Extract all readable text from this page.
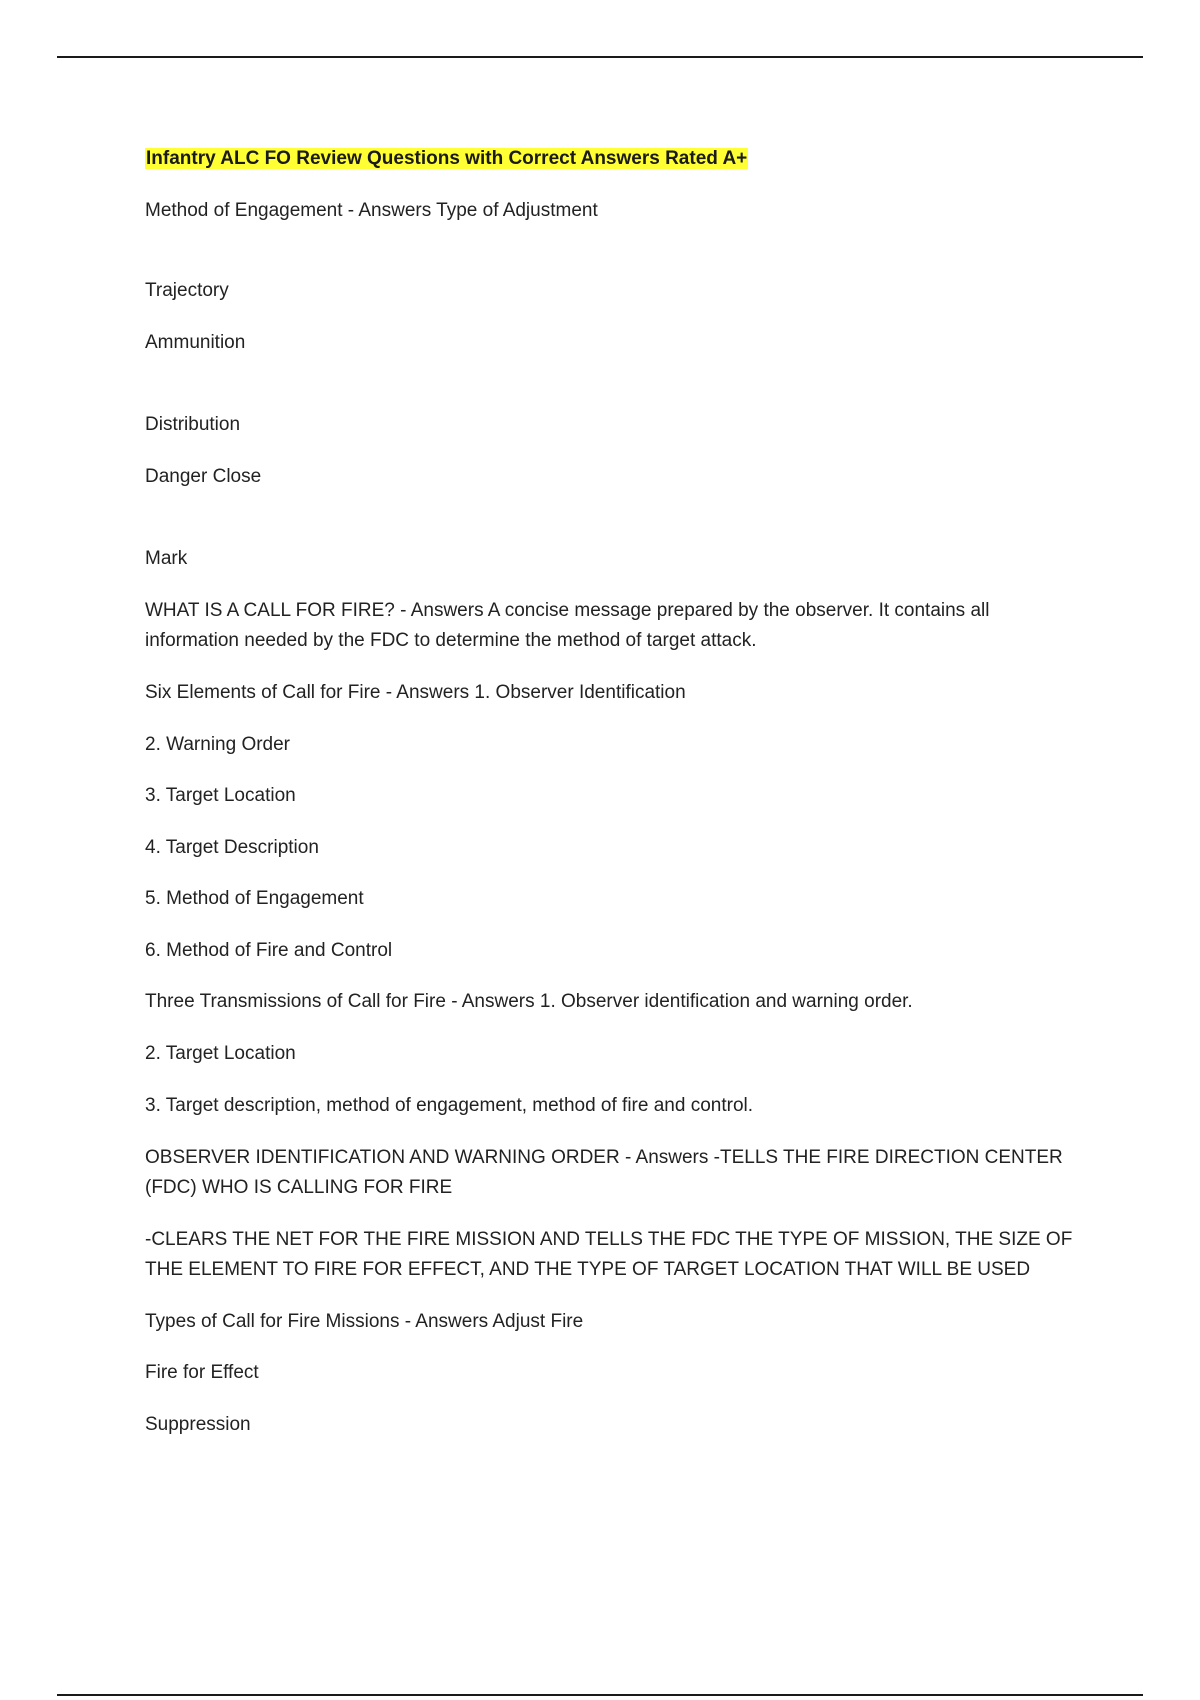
Infantry ALC FO Review Questions with Correct Answers Rated A+

Method of Engagement - Answers Type of Adjustment

Trajectory

Ammunition

Distribution

Danger Close

Mark

WHAT IS A CALL FOR FIRE? - Answers A concise message prepared by the observer. It contains all information needed by the FDC to determine the method of target attack.

Six Elements of Call for Fire - Answers 1. Observer Identification

2. Warning Order

3. Target Location

4. Target Description

5. Method of Engagement

6. Method of Fire and Control

Three Transmissions of Call for Fire - Answers 1. Observer identification and warning order.

2. Target Location

3. Target description, method of engagement, method of fire and control.

OBSERVER IDENTIFICATION AND WARNING ORDER - Answers -TELLS THE FIRE DIRECTION CENTER (FDC) WHO IS CALLING FOR FIRE

-CLEARS THE NET FOR THE FIRE MISSION AND TELLS THE FDC THE TYPE OF MISSION, THE SIZE OF THE ELEMENT TO FIRE FOR EFFECT, AND THE TYPE OF TARGET LOCATION THAT WILL BE USED

Types of Call for Fire Missions - Answers Adjust Fire

Fire for Effect

Suppression
